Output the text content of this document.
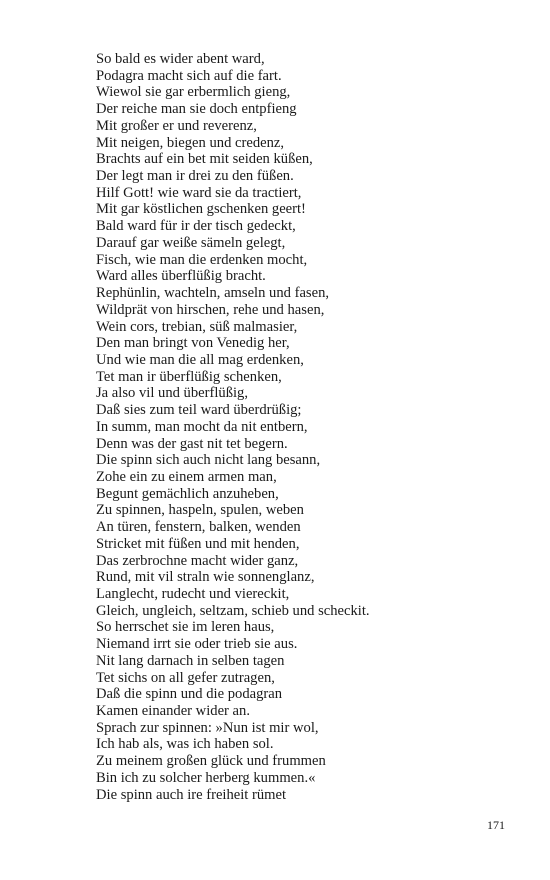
So bald es wider abent ward,
Podagra macht sich auf die fart.
Wiewol sie gar erbermlich gieng,
Der reiche man sie doch entpfieng
Mit großer er und reverenz,
Mit neigen, biegen und credenz,
Brachts auf ein bet mit seiden küßen,
Der legt man ir drei zu den füßen.
Hilf Gott! wie ward sie da tractiert,
Mit gar köstlichen gschenken geert!
Bald ward für ir der tisch gedeckt,
Darauf gar weiße sämeln gelegt,
Fisch, wie man die erdenken mocht,
Ward alles überflüßig bracht.
Rephünlin, wachteln, amseln und fasen,
Wildprät von hirschen, rehe und hasen,
Wein cors, trebian, süß malmasier,
Den man bringt von Venedig her,
Und wie man die all mag erdenken,
Tet man ir überflüßig schenken,
Ja also vil und überflüßig,
Daß sies zum teil ward überdrüßig;
In summ, man mocht da nit entbern,
Denn was der gast nit tet begern.
Die spinn sich auch nicht lang besann,
Zohe ein zu einem armen man,
Begunt gemächlich anzuheben,
Zu spinnen, haspeln, spulen, weben
An türen, fenstern, balken, wenden
Stricket mit füßen und mit henden,
Das zerbrochne macht wider ganz,
Rund, mit vil straln wie sonnenglanz,
Langlecht, rudecht und viereckit,
Gleich, ungleich, seltzam, schieb und scheckit.
So herrschet sie im leren haus,
Niemand irrt sie oder trieb sie aus.
Nit lang darnach in selben tagen
Tet sichs on all gefer zutragen,
Daß die spinn und die podagran
Kamen einander wider an.
Sprach zur spinnen: »Nun ist mir wol,
Ich hab als, was ich haben sol.
Zu meinem großen glück und frummen
Bin ich zu solcher herberg kummen.«
Die spinn auch ire freiheit rümet
171
